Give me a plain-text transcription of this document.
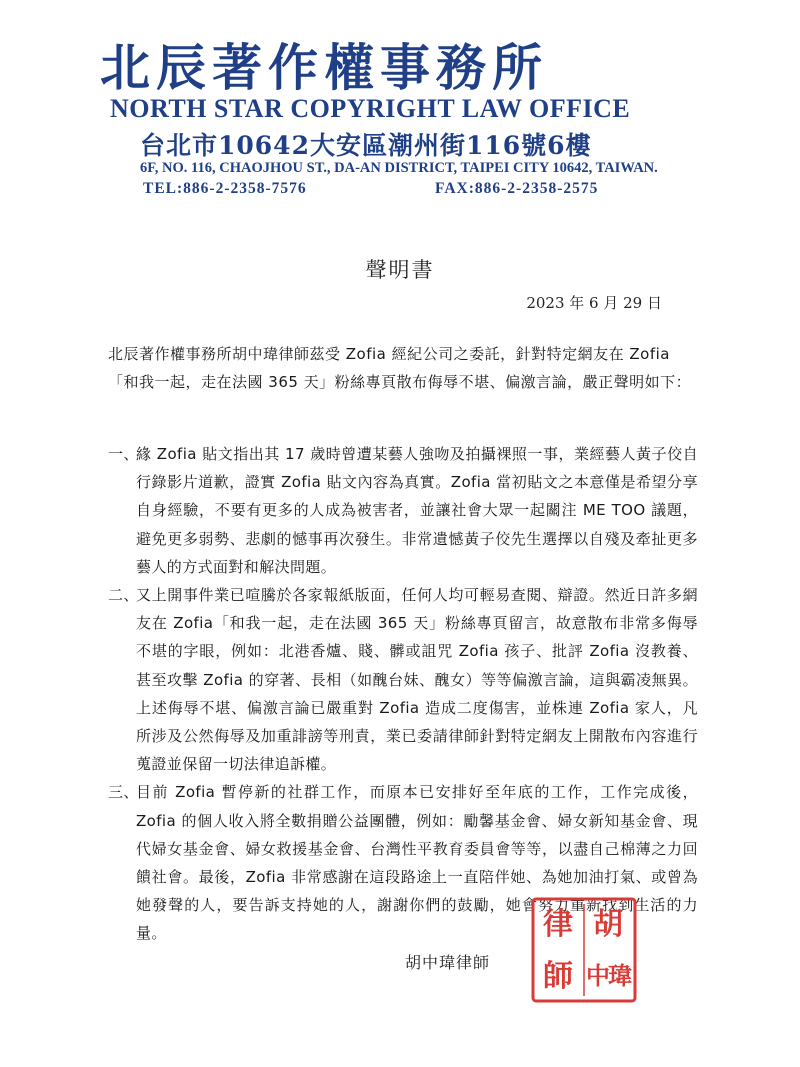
北辰著作權事務所
NORTH STAR COPYRIGHT LAW OFFICE
台北市10642大安區潮州街116號6樓
6F, NO. 116, CHAOJHOU ST., DA-AN DISTRICT, TAIPEI CITY 10642, TAIWAN.
TEL:886-2-2358-7576	FAX:886-2-2358-2575
聲明書
2023 年 6 月 29 日
北辰著作權事務所胡中瑋律師茲受 Zofia 經紀公司之委託，針對特定網友在 Zofia「和我一起，走在法國 365 天」粉絲專頁散布侮辱不堪、偏激言論，嚴正聲明如下：
一、
緣 Zofia 貼文指出其 17 歲時曾遭某藝人強吻及拍攝裸照一事，業經藝人黃子佼自行錄影片道歉，證實 Zofia 貼文內容為真實。Zofia 當初貼文之本意僅是希望分享自身經驗，不要有更多的人成為被害者，並讓社會大眾一起關注 ME TOO 議題，避免更多弱勢、悲劇的憾事再次發生。非常遺憾黃子佼先生選擇以自殘及牽扯更多藝人的方式面對和解決問題。
二、
又上開事件業已喧騰於各家報紙版面，任何人均可輕易查閱、辯證。然近日許多網友在 Zofia「和我一起，走在法國 365 天」粉絲專頁留言，故意散布非常多侮辱不堪的字眼，例如：北港香爐、賤、髒或詛咒 Zofia 孩子、批評 Zofia 沒教養、甚至攻擊 Zofia 的穿著、長相（如醜台妹、醜女）等等偏激言論，這與霸凌無異。上述侮辱不堪、偏激言論已嚴重對 Zofia 造成二度傷害，並株連 Zofia 家人，凡所涉及公然侮辱及加重誹謗等刑責，業已委請律師針對特定網友上開散布內容進行蒐證並保留一切法律追訴權。
三、
目前 Zofia 暫停新的社群工作，而原本已安排好至年底的工作，工作完成後，Zofia 的個人收入將全數捐贈公益團體，例如：勵馨基金會、婦女新知基金會、現代婦女基金會、婦女救援基金會、台灣性平教育委員會等等，以盡自己棉薄之力回饋社會。最後，Zofia 非常感謝在這段路途上一直陪伴她、為她加油打氣、或曾為她發聲的人，要告訴支持她的人，謝謝你們的鼓勵，她會努力重新找到生活的力量。
胡中瑋律師
胡
中
瑋
律
師
